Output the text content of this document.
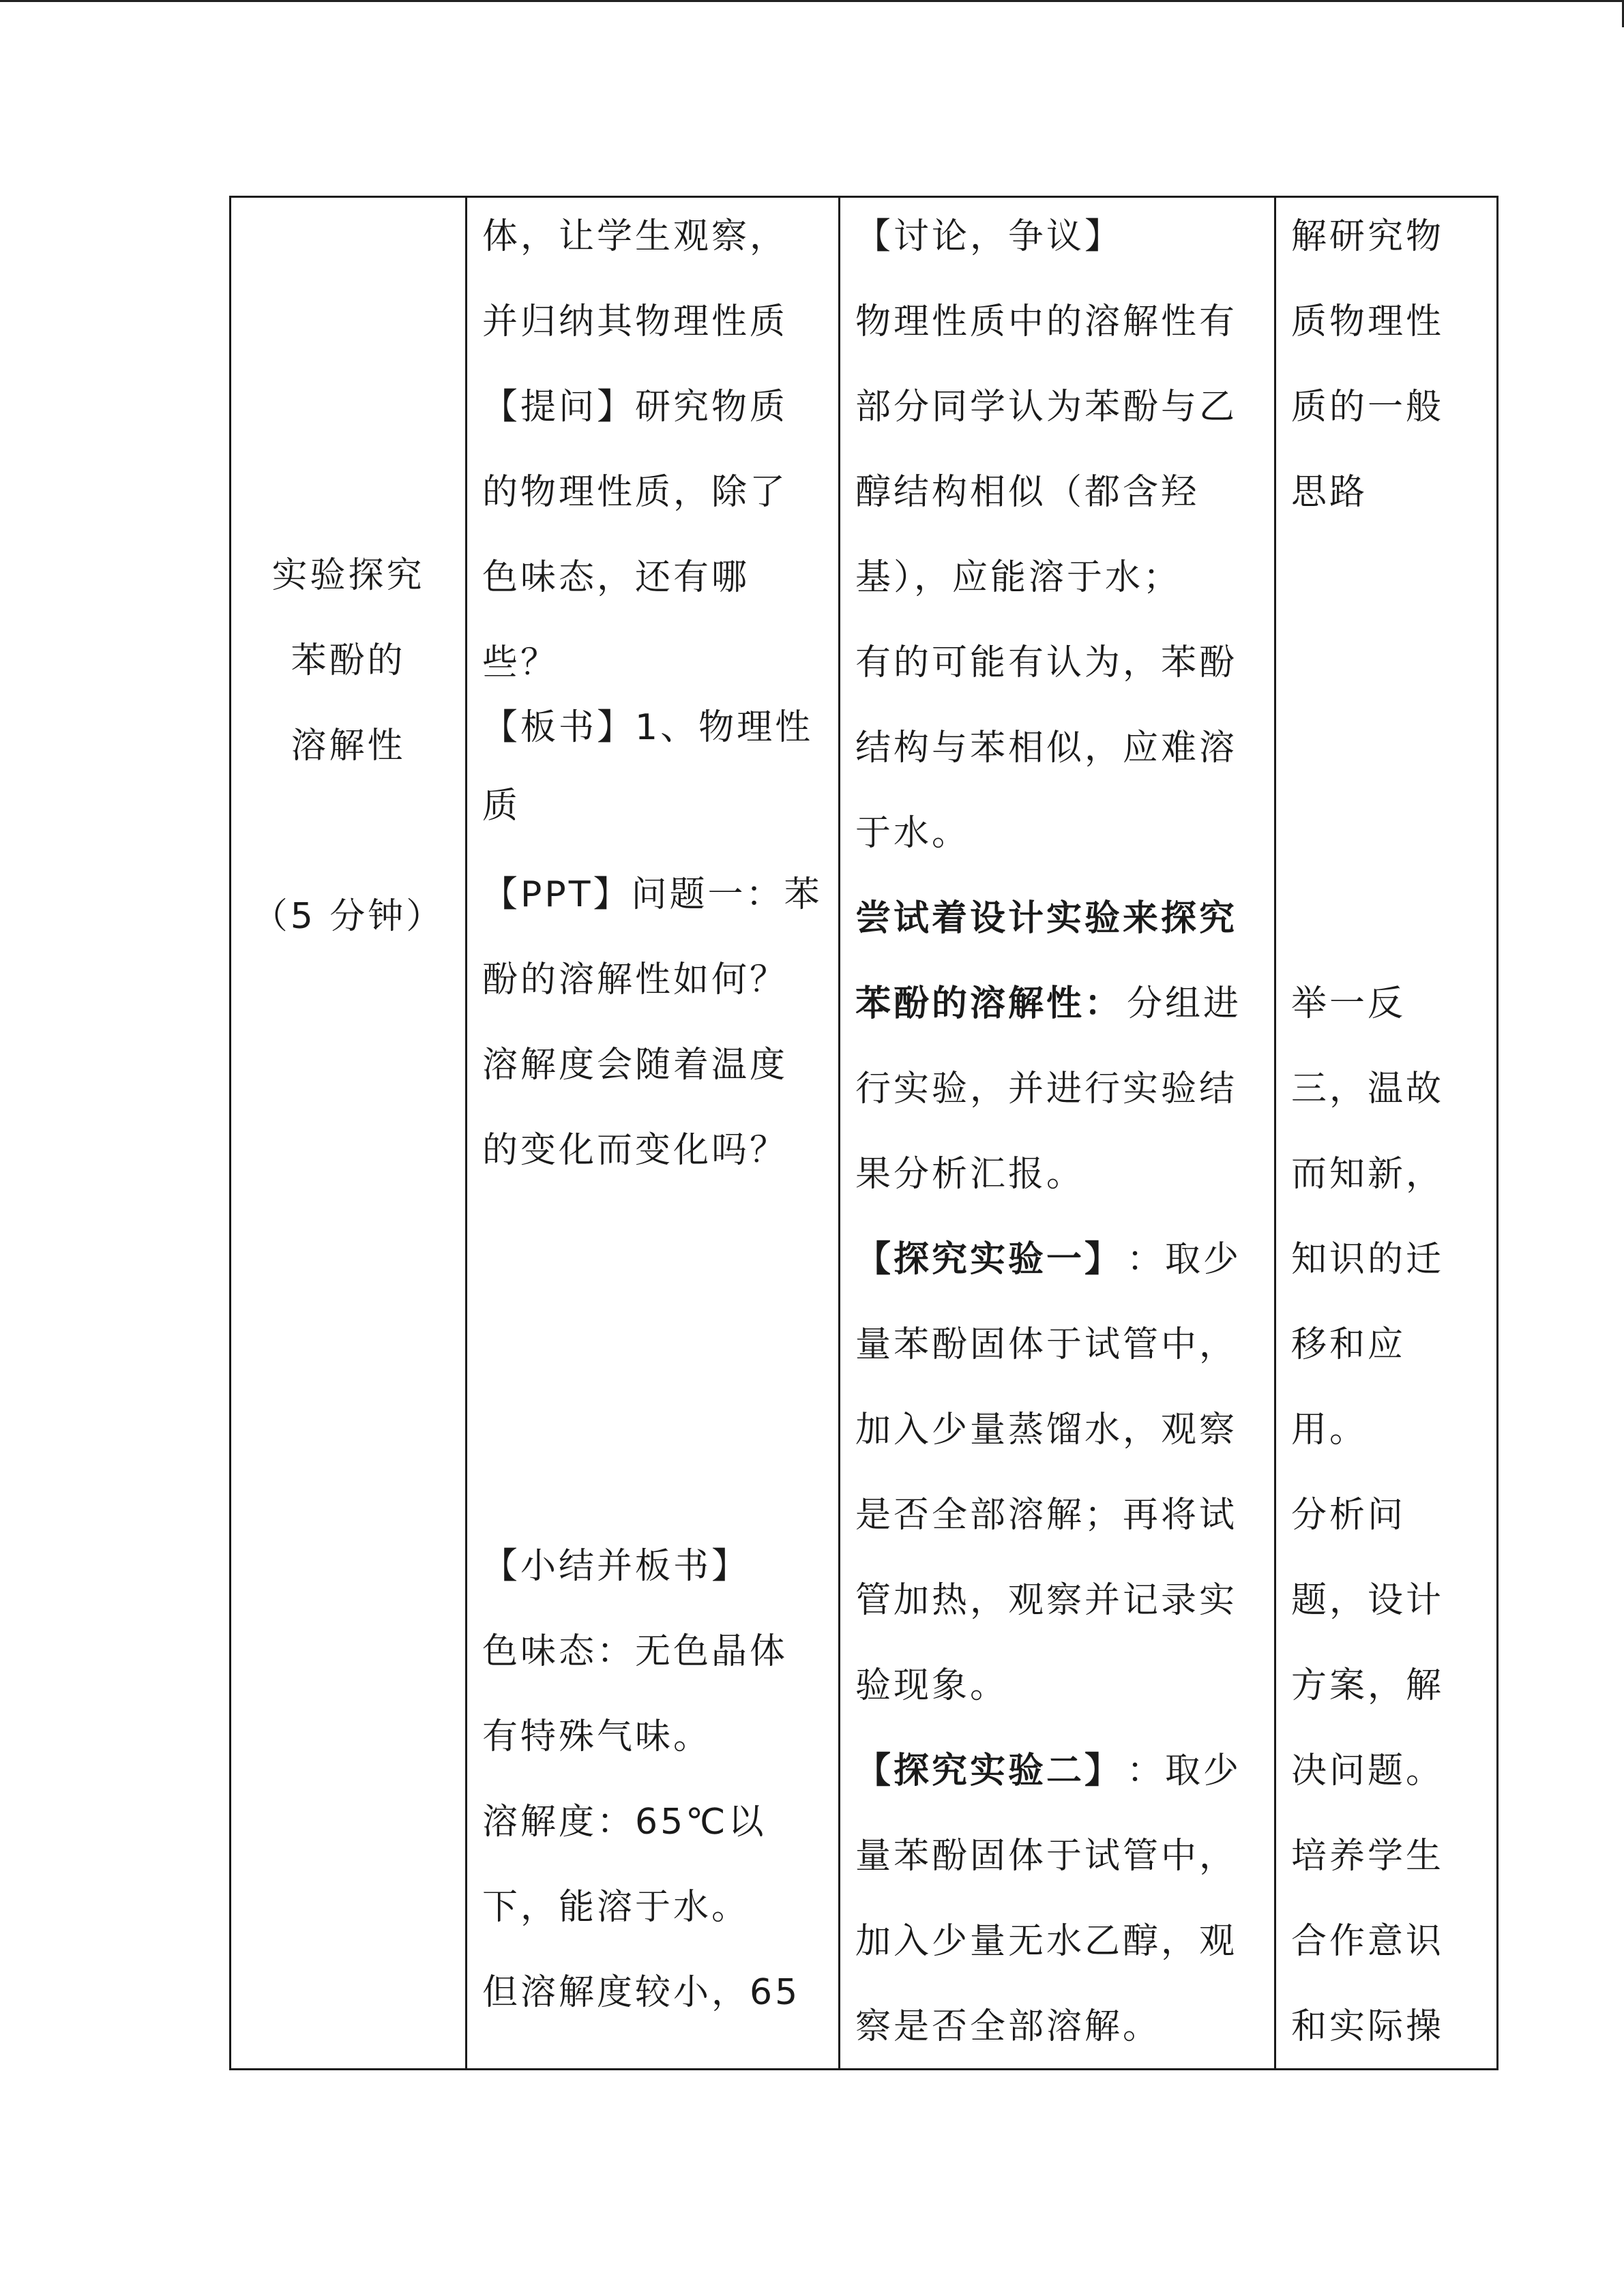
实验探究
苯酚的
溶解性
（5 分钟）

体，让学生观察，
并归纳其物理性质
【提问】研究物质
的物理性质，除了
色味态，还有哪
些？
【板书】1、物理性
质
【PPT】问题一：苯
酚的溶解性如何？
溶解度会随着温度
的变化而变化吗？
【小结并板书】
色味态：无色晶体
有特殊气味。
溶解度：65℃以
下，能溶于水。
但溶解度较小，65

【讨论，争议】
物理性质中的溶解性有
部分同学认为苯酚与乙
醇结构相似（都含羟
基），应能溶于水；
有的可能有认为，苯酚
结构与苯相似，应难溶
于水。
尝试着设计实验来探究
苯酚的溶解性： 分组进
行实验，并进行实验结
果分析汇报。
【探究实验一】 ：取少
量苯酚固体于试管中，
加入少量蒸馏水，观察
是否全部溶解；再将试
管加热，观察并记录实
验现象。
【探究实验二】 ：取少
量苯酚固体于试管中，
加入少量无水乙醇，观
察是否全部溶解。

解研究物
质物理性
质的一般
思路
举一反
三，温故
而知新，
知识的迁
移和应
用。
分析问
题，设计
方案，解
决问题。
培养学生
合作意识
和实际操
